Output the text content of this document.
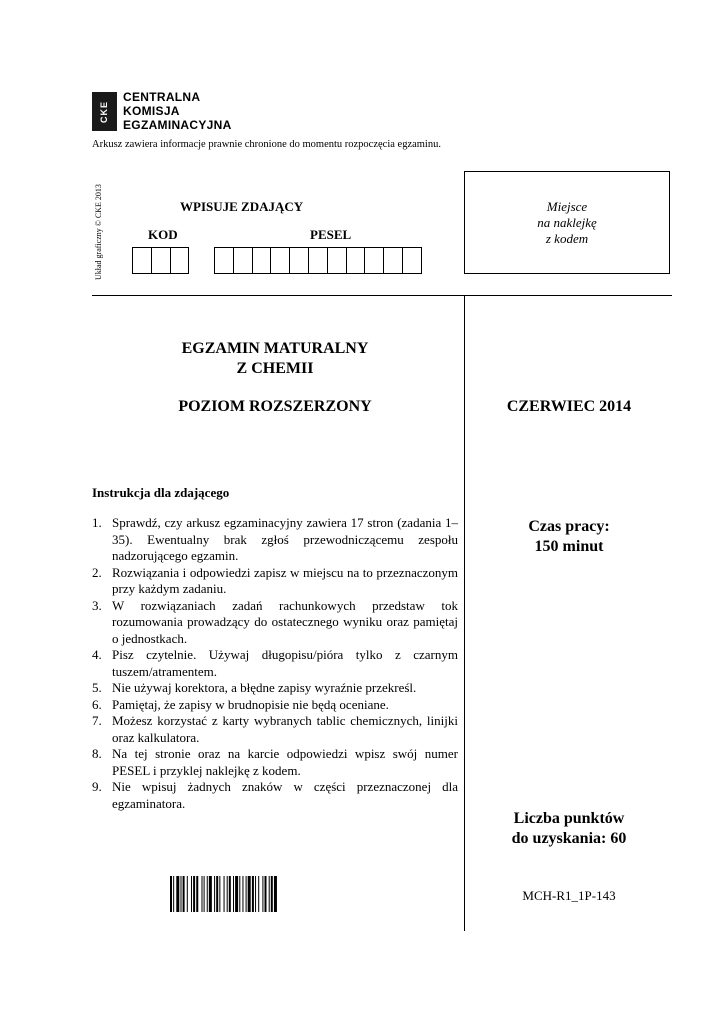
CKE
CENTRALNA
KOMISJA
EGZAMINACYJNA
Arkusz zawiera informacje prawnie chronione do momentu rozpoczęcia egzaminu.
Układ graficzny © CKE 2013	WPISUJE ZDAJĄCY
KOD	PESEL
Miejsce
na naklejkę
z kodem
EGZAMIN MATURALNY
Z CHEMII
POZIOM ROZSZERZONY	CZERWIEC 2014
Czas pracy:
150 minut
Instrukcja dla zdającego
1. Sprawdź, czy arkusz egzaminacyjny zawiera 17 stron (zadania 1–35). Ewentualny brak zgłoś przewodniczącemu zespołu nadzorującego egzamin.
2. Rozwiązania i odpowiedzi zapisz w miejscu na to przeznaczonym przy każdym zadaniu.
3. W rozwiązaniach zadań rachunkowych przedstaw tok rozumowania prowadzący do ostatecznego wyniku oraz pamiętaj o jednostkach.
4. Pisz czytelnie. Używaj długopisu/pióra tylko z czarnym tuszem/atramentem.
5. Nie używaj korektora, a błędne zapisy wyraźnie przekreśl.
6. Pamiętaj, że zapisy w brudnopisie nie będą oceniane.
7. Możesz korzystać z karty wybranych tablic chemicznych, linijki oraz kalkulatora.
8. Na tej stronie oraz na karcie odpowiedzi wpisz swój numer PESEL i przyklej naklejkę z kodem.
9. Nie wpisuj żadnych znaków w części przeznaczonej dla egzaminatora.
Liczba punktów
do uzyskania: 60
MCH-R1_1P-143
